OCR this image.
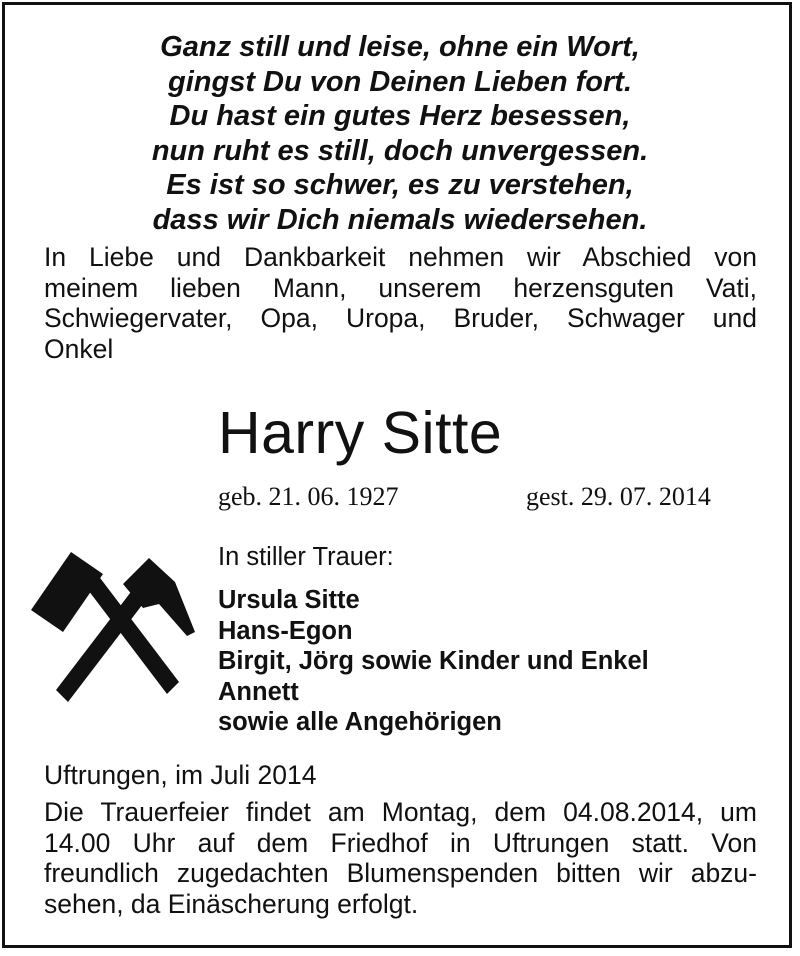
Ganz still und leise, ohne ein Wort,
gingst Du von Deinen Lieben fort.
Du hast ein gutes Herz besessen,
nun ruht es still, doch unvergessen.
Es ist so schwer, es zu verstehen,
dass wir Dich niemals wiedersehen.
In Liebe und Dankbarkeit nehmen wir Abschied von
meinem lieben Mann, unserem herzensguten Vati,
Schwiegervater, Opa, Uropa, Bruder, Schwager und
Onkel
Harry Sitte
geb. 21. 06. 1927	gest. 29. 07. 2014
In stiller Trauer:
Ursula Sitte
Hans-Egon
Birgit, Jörg sowie Kinder und Enkel
Annett
sowie alle Angehörigen
Uftrungen, im Juli 2014
Die Trauerfeier findet am Montag, dem 04.08.2014, um
14.00 Uhr auf dem Friedhof in Uftrungen statt. Von
freundlich zugedachten Blumenspenden bitten wir abzu-
sehen, da Einäscherung erfolgt.
